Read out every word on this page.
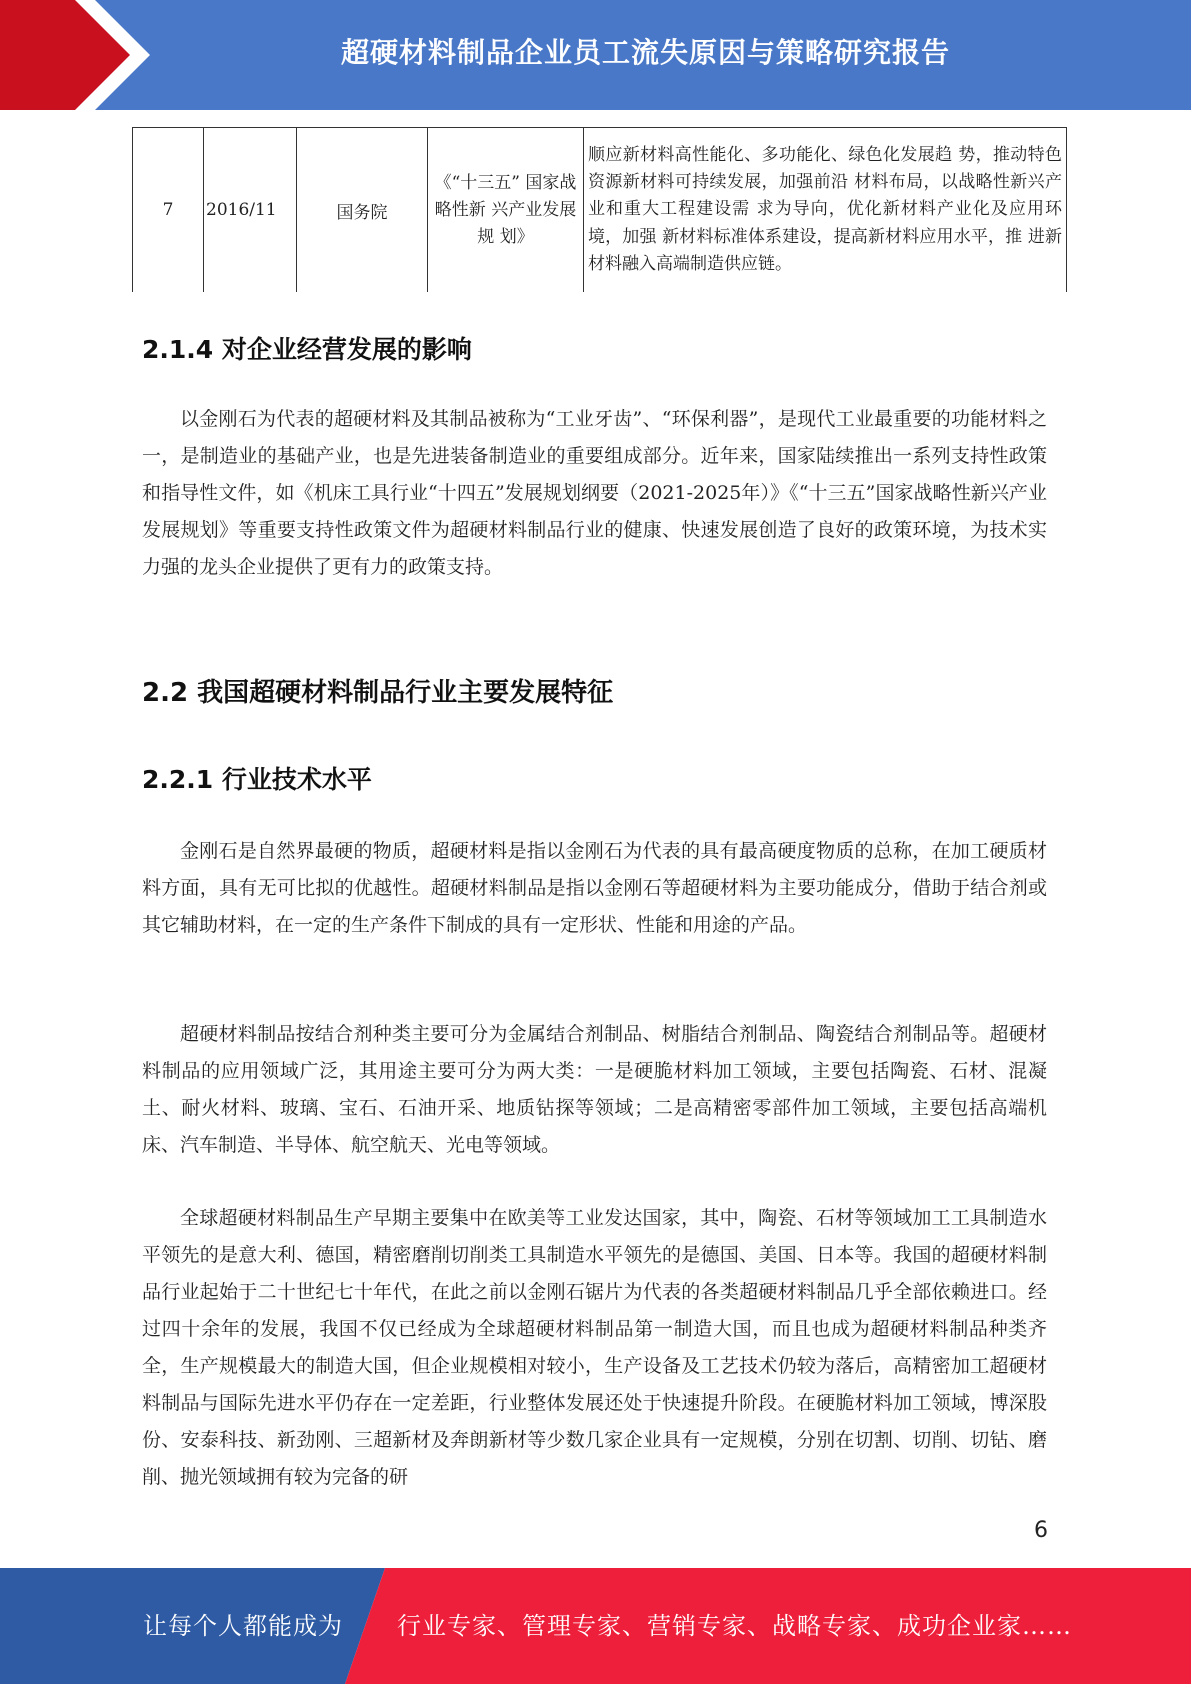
超硬材料制品企业员工流失原因与策略研究报告
7	2016/11	国务院	《“十三五” 国家战略性新 兴产业发展规 划》	顺应新材料高性能化、多功能化、绿色化发展趋 势，推动特色资源新材料可持续发展，加强前沿 材料布局，以战略性新兴产业和重大工程建设需 求为导向，优化新材料产业化及应用环境，加强 新材料标准体系建设，提高新材料应用水平，推 进新材料融入高端制造供应链。
2.1.4 对企业经营发展的影响

以金刚石为代表的超硬材料及其制品被称为“工业牙齿”、“环保利器”，是现代工业最重要的功能材料之一，是制造业的基础产业，也是先进装备制造业的重要组成部分。近年来，国家陆续推出一系列支持性政策和指导性文件，如《机床工具行业“十四五”发展规划纲要（2021-2025年）》《“十三五”国家战略性新兴产业发展规划》等重要支持性政策文件为超硬材料制品行业的健康、快速发展创造了良好的政策环境，为技术实力强的龙头企业提供了更有力的政策支持。

2.2 我国超硬材料制品行业主要发展特征
2.2.1 行业技术水平

金刚石是自然界最硬的物质，超硬材料是指以金刚石为代表的具有最高硬度物质的总称，在加工硬质材料方面，具有无可比拟的优越性。超硬材料制品是指以金刚石等超硬材料为主要功能成分，借助于结合剂或其它辅助材料，在一定的生产条件下制成的具有一定形状、性能和用途的产品。

超硬材料制品按结合剂种类主要可分为金属结合剂制品、树脂结合剂制品、陶瓷结合剂制品等。超硬材料制品的应用领域广泛，其用途主要可分为两大类：一是硬脆材料加工领域，主要包括陶瓷、石材、混凝土、耐火材料、玻璃、宝石、石油开采、地质钻探等领域；二是高精密零部件加工领域，主要包括高端机床、汽车制造、半导体、航空航天、光电等领域。

全球超硬材料制品生产早期主要集中在欧美等工业发达国家，其中，陶瓷、石材等领域加工工具制造水平领先的是意大利、德国，精密磨削切削类工具制造水平领先的是德国、美国、日本等。我国的超硬材料制品行业起始于二十世纪七十年代，在此之前以金刚石锯片为代表的各类超硬材料制品几乎全部依赖进口。经过四十余年的发展，我国不仅已经成为全球超硬材料制品第一制造大国，而且也成为超硬材料制品种类齐全，生产规模最大的制造大国，但企业规模相对较小，生产设备及工艺技术仍较为落后，高精密加工超硬材料制品与国际先进水平仍存在一定差距，行业整体发展还处于快速提升阶段。在硬脆材料加工领域，博深股份、安泰科技、新劲刚、三超新材及奔朗新材等少数几家企业具有一定规模，分别在切割、切削、切钻、磨削、抛光领域拥有较为完备的研

6
让每个人都能成为 行业专家、管理专家、营销专家、战略专家、成功企业家……
